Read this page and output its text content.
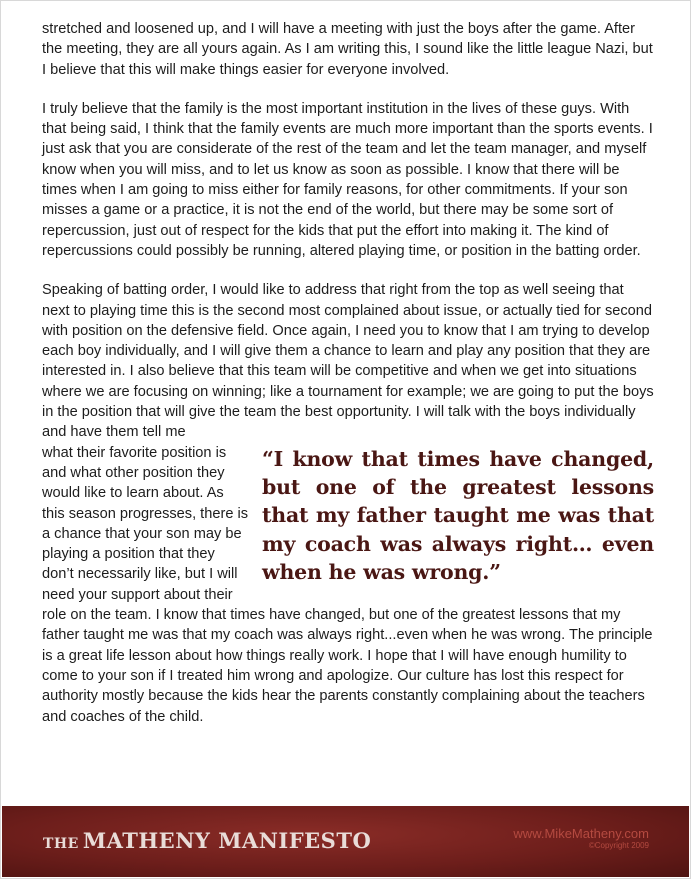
stretched and loosened up, and I will have a meeting with just the boys after the game. After the meeting, they are all yours again. As I am writing this, I sound like the little league Nazi, but I believe that this will make things easier for everyone involved.

I truly believe that the family is the most important institution in the lives of these guys. With that being said, I think that the family events are much more important than the sports events. I just ask that you are considerate of the rest of the team and let the team manager, and myself know when you will miss, and to let us know as soon as possible. I know that there will be times when I am going to miss either for family reasons, for other commitments. If your son misses a game or a practice, it is not the end of the world, but there may be some sort of repercussion, just out of respect for the kids that put the effort into making it. The kind of repercussions could possibly be running, altered playing time, or position in the batting order.

Speaking of batting order, I would like to address that right from the top as well seeing that next to playing time this is the second most complained about issue, or actually tied for second with position on the defensive field. Once again, I need you to know that I am trying to develop each boy individually, and I will give them a chance to learn and play any position that they are interested in. I also believe that this team will be competitive and when we get into situations where we are focusing on winning; like a tournament for example; we are going to put the boys in the position that will give the team the best opportunity. I will talk with the boys individually and have them tell me

“I know that times have changed, but one of the greatest lessons that my father taught me was that my coach was always right… even when he was wrong.”

what their favorite position is and what other position they would like to learn about. As this season progresses, there is a chance that your son may be playing a position that they don’t necessarily like, but I will need your support about their role on the team. I know that times have changed, but one of the greatest lessons that my father taught me was that my coach was always right...even when he was wrong. The principle is a great life lesson about how things really work. I hope that I will have enough humility to come to your son if I treated him wrong and apologize. Our culture has lost this respect for authority mostly because the kids hear the parents constantly complaining about the teachers and coaches of the child.

THE MATHENY MANIFESTO	www.MikeMatheny.com
©Copyright 2009
